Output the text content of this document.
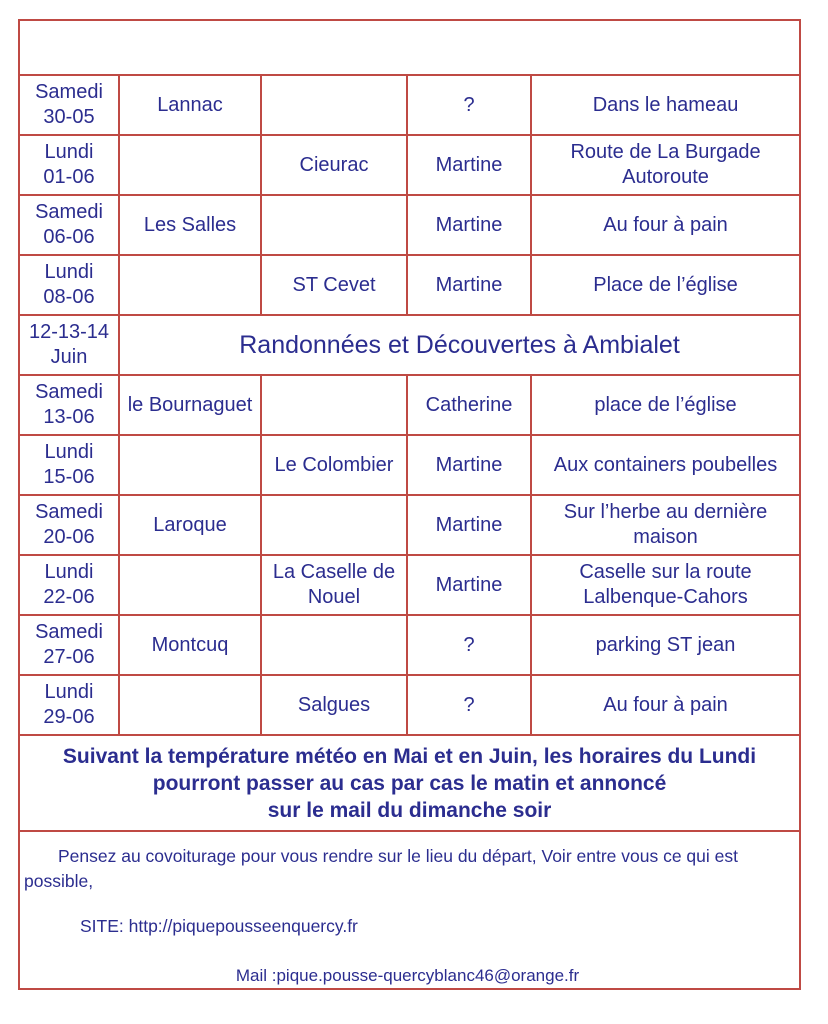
Samedi
30-05	Lannac		?	Dans le hameau

Lundi
01-06		Cieurac	Martine	Route de La Burgade Autoroute

Samedi
06-06	Les Salles		Martine	Au four à pain

Lundi
08-06		ST Cevet	Martine	Place de l’église

12-13-14
Juin	Randonnées et Découvertes à Ambialet			

Samedi
13-06	le Bournaguet		Catherine	place de l’église

Lundi
15-06		Le Colombier	Martine	Aux containers poubelles

Samedi
20-06	Laroque		Martine	Sur l’herbe au dernière maison

Lundi
22-06		La Caselle de Nouel	Martine	Caselle sur la route Lalbenque-Cahors

Samedi
27-06	Montcuq		?	parking ST jean

Lundi
29-06		Salgues	?	Au four à pain

Suivant la température météo en Mai et en Juin, les horaires du Lundi
pourront passer au cas par cas le matin et annoncé
sur le mail du dimanche soir				

Pensez au covoiturage pour vous rendre sur le lieu du départ, Voir entre vous ce qui est
possible,
SITE: http://piquepousseenquercy.fr
Mail :pique.pousse-quercyblanc46@orange.fr				
